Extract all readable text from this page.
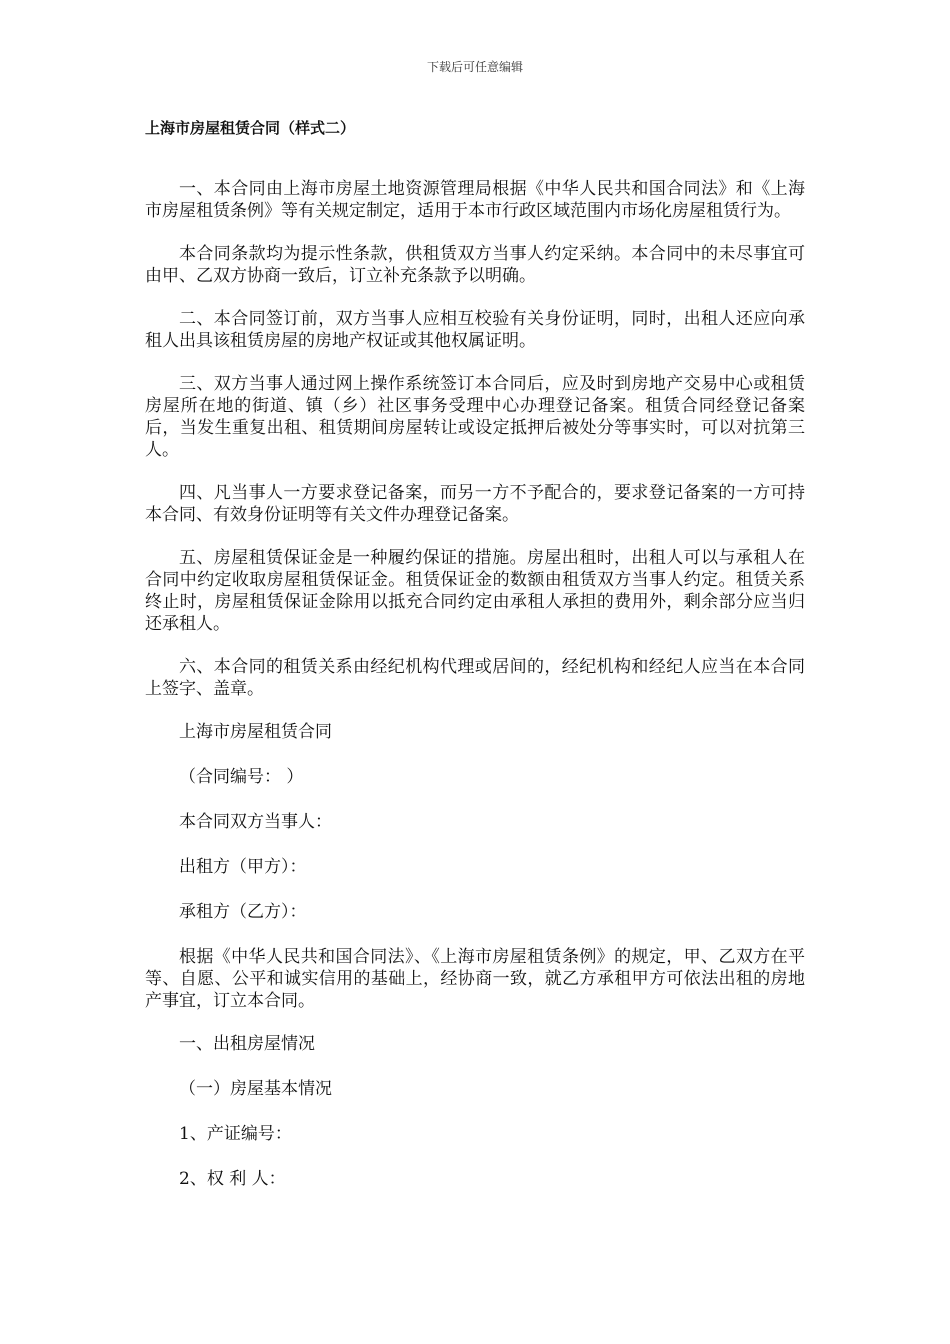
下载后可任意编辑
上海市房屋租赁合同（样式二）

一、本合同由上海市房屋土地资源管理局根据《中华人民共和国合同法》和《上海市房屋租赁条例》等有关规定制定，适用于本市行政区域范围内市场化房屋租赁行为。

本合同条款均为提示性条款，供租赁双方当事人约定采纳。本合同中的未尽事宜可由甲、乙双方协商一致后，订立补充条款予以明确。

二、本合同签订前，双方当事人应相互校验有关身份证明，同时，出租人还应向承租人出具该租赁房屋的房地产权证或其他权属证明。

三、双方当事人通过网上操作系统签订本合同后，应及时到房地产交易中心或租赁房屋所在地的街道、镇（乡）社区事务受理中心办理登记备案。租赁合同经登记备案后，当发生重复出租、租赁期间房屋转让或设定抵押后被处分等事实时，可以对抗第三人。

四、凡当事人一方要求登记备案，而另一方不予配合的，要求登记备案的一方可持本合同、有效身份证明等有关文件办理登记备案。

五、房屋租赁保证金是一种履约保证的措施。房屋出租时，出租人可以与承租人在合同中约定收取房屋租赁保证金。租赁保证金的数额由租赁双方当事人约定。租赁关系终止时，房屋租赁保证金除用以抵充合同约定由承租人承担的费用外，剩余部分应当归还承租人。

六、本合同的租赁关系由经纪机构代理或居间的，经纪机构和经纪人应当在本合同上签字、盖章。

上海市房屋租赁合同

（合同编号： ）

本合同双方当事人：

出租方（甲方）：

承租方（乙方）：

根据《中华人民共和国合同法》、《上海市房屋租赁条例》的规定，甲、乙双方在平等、自愿、公平和诚实信用的基础上，经协商一致，就乙方承租甲方可依法出租的房地产事宜，订立本合同。

一、出租房屋情况

（一）房屋基本情况

1、产证编号：

2、权 利 人：
